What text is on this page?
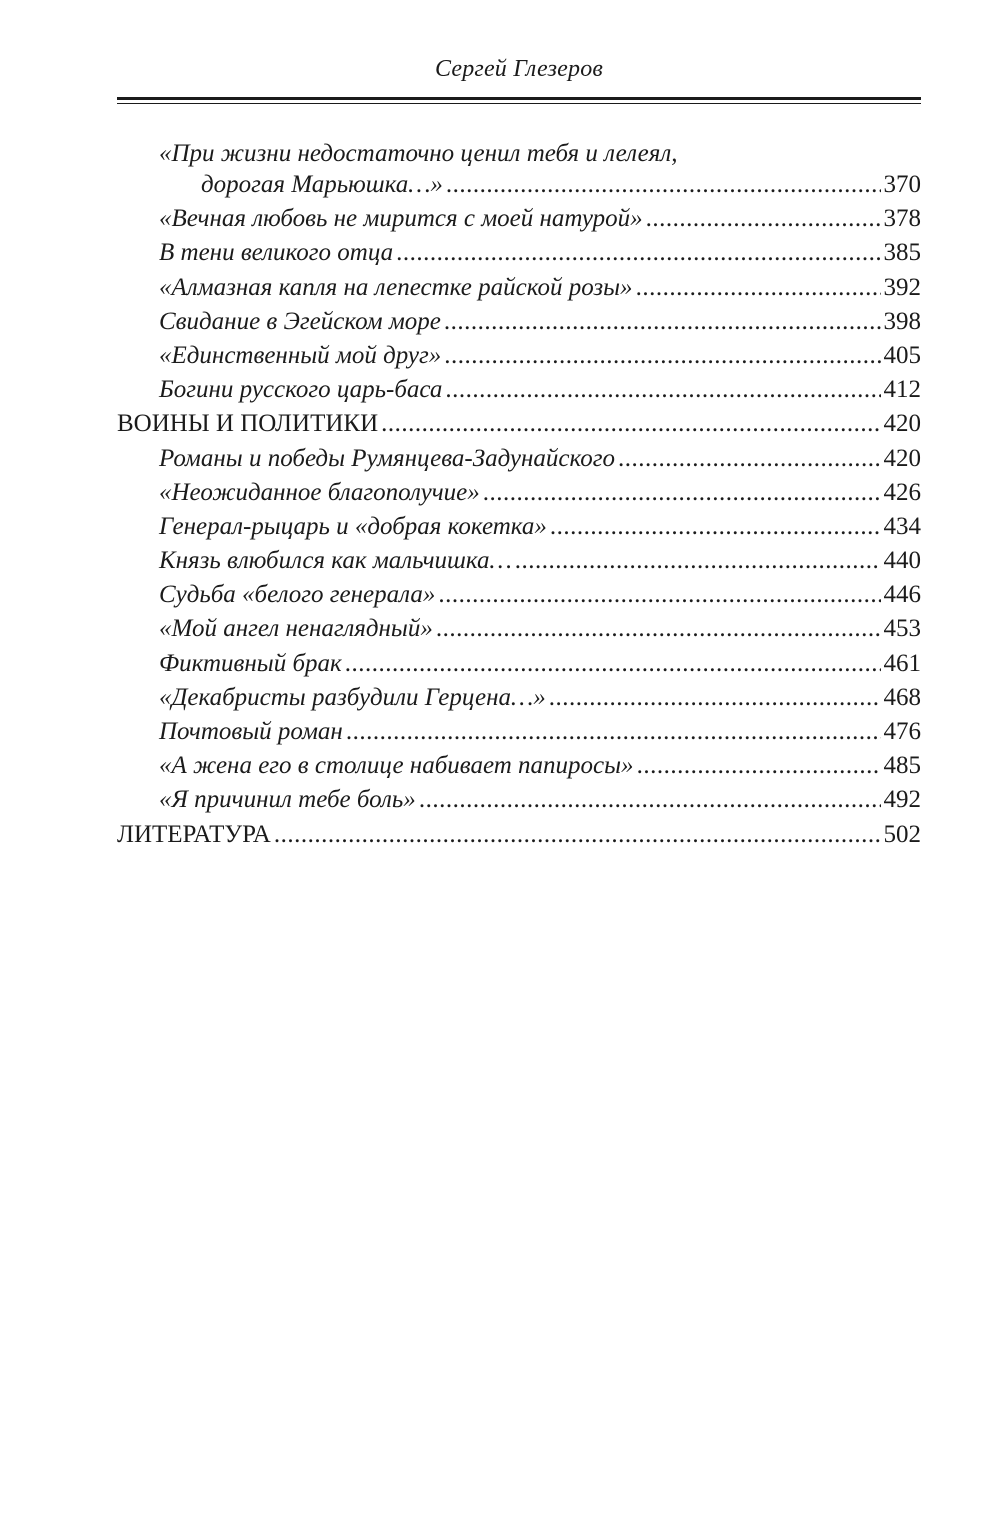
Сергей Глезеров
«При жизни недостаточно ценил тебя и лелеял,
дорогая Марьюшка…» .....	370
«Вечная любовь не мирится с моей натурой» .....	378
В тени великого отца .....	385
«Алмазная капля на лепестке райской розы» .....	392
Свидание в Эгейском море .....	398
«Единственный мой друг» .....	405
Богини русского царь-баса .....	412
ВОИНЫ И ПОЛИТИКИ .....	420
Романы и победы Румянцева-Задунайского .....	420
«Неожиданное благополучие» .....	426
Генерал-рыцарь и «добрая кокетка» .....	434
Князь влюбился как мальчишка… .....	440
Судьба «белого генерала» .....	446
«Мой ангел ненаглядный» .....	453
Фиктивный брак .....	461
«Декабристы разбудили Герцена…» .....	468
Почтовый роман .....	476
«А жена его в столице набивает папиросы» .....	485
«Я причинил тебе боль» .....	492
ЛИТЕРАТУРА .....	502
